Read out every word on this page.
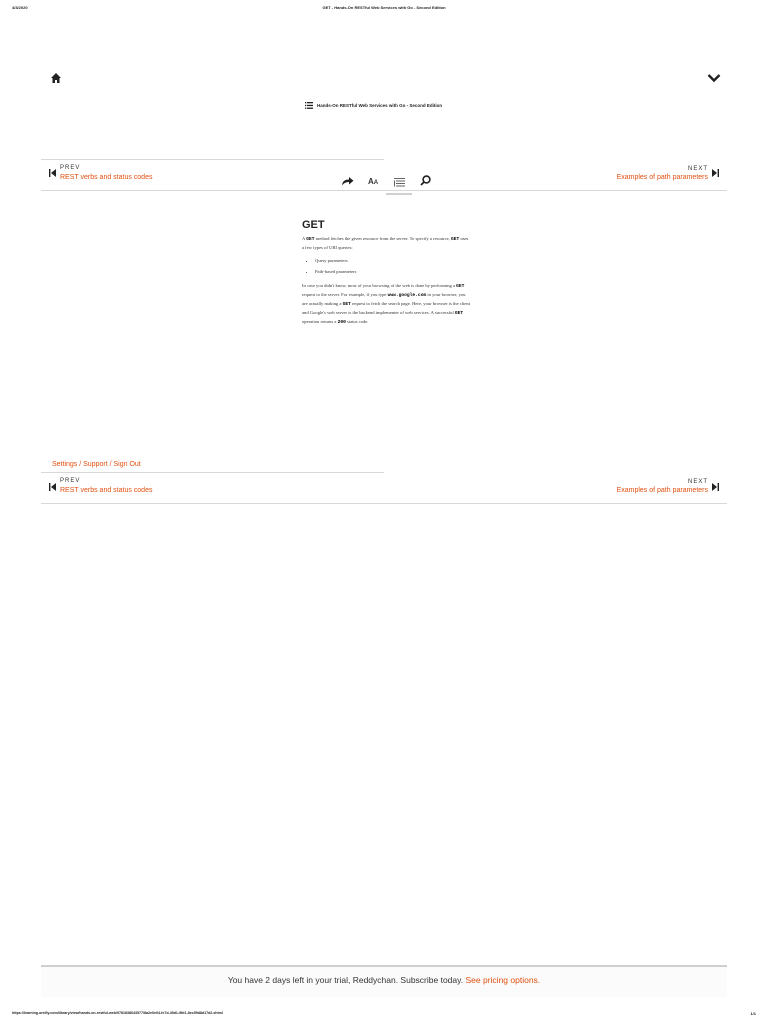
4/3/2020	GET - Hands-On RESTful Web Services with Go - Second Edition
Hands-On RESTful Web Services with Go - Second Edition
PREV
REST verbs and status codes
NEXT
Examples of path parameters
AA
GET

A GET method fetches the given resource from the server. To specify a resource, GET uses a few types of URI queries:

• Query parameters
• Path-based parameters

In case you didn't know, most of your browsing of the web is done by performing a GET request to the server. For example, if you type www.google.com in your browser, you are actually making a GET request to fetch the search page. Here, your browser is the client and Google's web server is the backend implementer of web services. A successful GET operation returns a 200 status code.

Settings / Support / Sign Out
PREV
REST verbs and status codes
NEXT
Examples of path parameters
You have 2 days left in your trial, Reddychan. Subscribe today. See pricing options.
https://learning.oreilly.com/library/view/hands-on-restful-web/9781838643577/8a2e0e04-fe7d-49d1-9fd1-8ec59d8d17d2.xhtml	1/1
